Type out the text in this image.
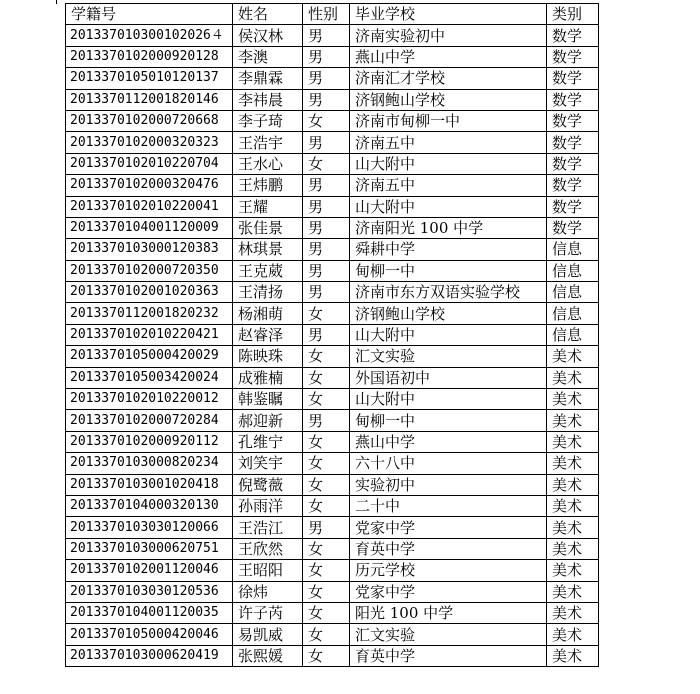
学籍号	姓名	性别	毕业学校	类别
201337010300102026４	侯汉林	男	济南实验初中	数学
2013370102000920128	李澳	男	燕山中学	数学
2013370105010120137	李鼎霖	男	济南汇才学校	数学
2013370112001820146	李祎晨	男	济钢鲍山学校	数学
2013370102000720668	李子琦	女	济南市甸柳一中	数学
2013370102000320323	王浩宇	男	济南五中	数学
2013370102010220704	王水心	女	山大附中	数学
2013370102000320476	王炜鹏	男	济南五中	数学
2013370102010220041	王耀	男	山大附中	数学
2013370104001120009	张佳景	男	济南阳光 100 中学	数学
2013370103000120383	林琪景	男	舜耕中学	信息
2013370102000720350	王克葳	男	甸柳一中	信息
2013370102001020363	王清扬	男	济南市东方双语实验学校	信息
2013370112001820232	杨湘萌	女	济钢鲍山学校	信息
2013370102010220421	赵睿泽	男	山大附中	信息
2013370105000420029	陈映珠	女	汇文实验	美术
2013370105003420024	成雅楠	女	外国语初中	美术
2013370102010220012	韩鉴瞩	女	山大附中	美术
2013370102000720284	郝迎新	男	甸柳一中	美术
2013370102000920112	孔维宁	女	燕山中学	美术
2013370103000820234	刘笑宇	女	六十八中	美术
2013370103001020418	倪鹭薇	女	实验初中	美术
2013370104000320130	孙雨洋	女	二十中	美术
2013370103030120066	王浩江	男	党家中学	美术
2013370103000620751	王欣然	女	育英中学	美术
2013370102001120046	王昭阳	女	历元学校	美术
2013370103030120536	徐炜	女	党家中学	美术
2013370104001120035	许子芮	女	阳光 100 中学	美术
2013370105000420046	易凯威	女	汇文实验	美术
2013370103000620419	张熙媛	女	育英中学	美术
